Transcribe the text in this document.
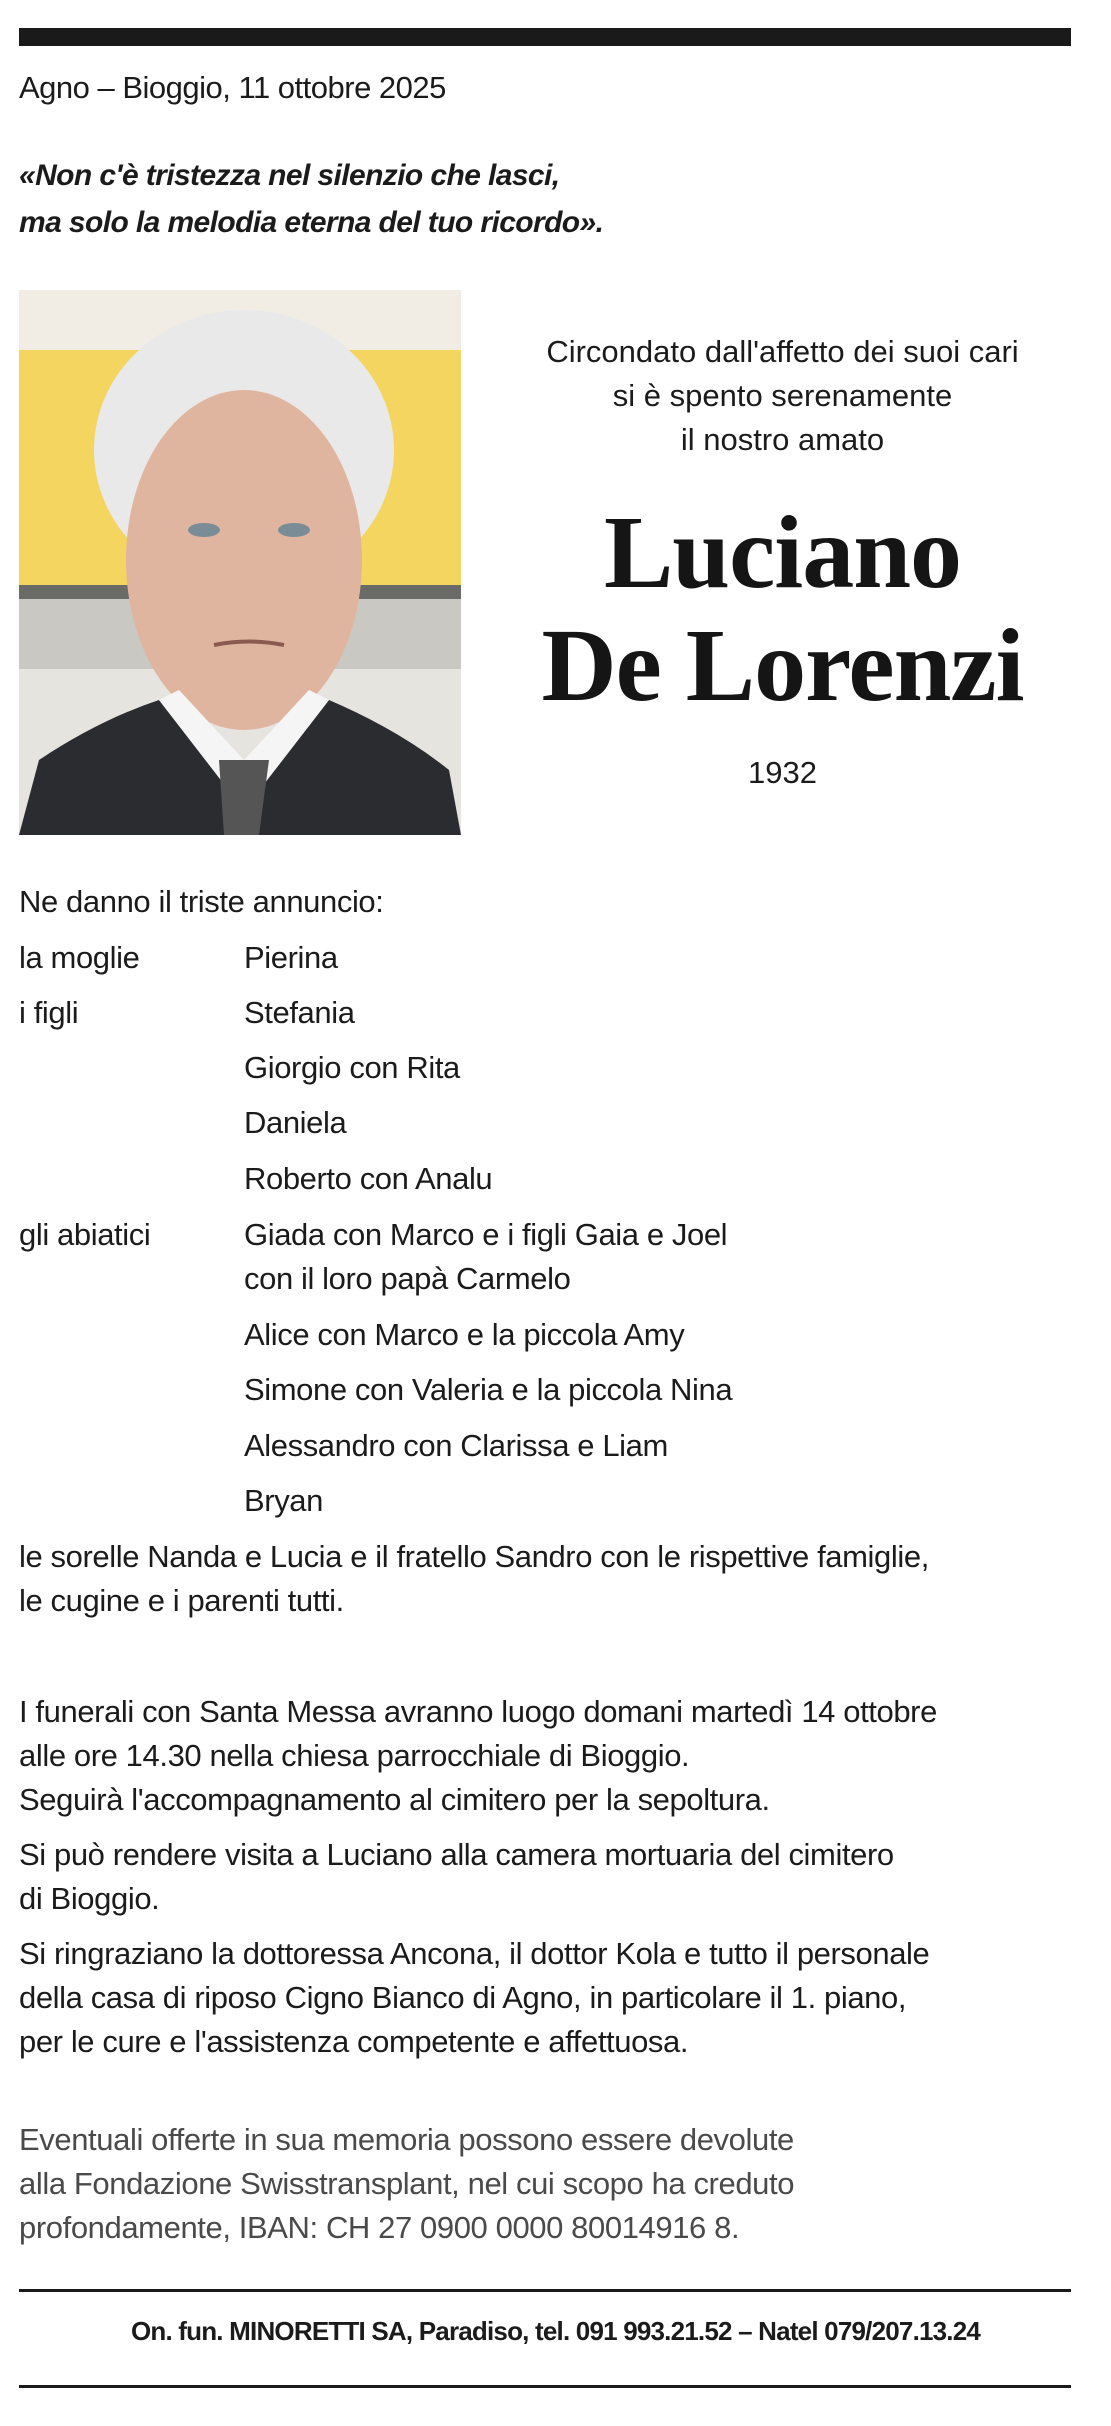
Agno – Bioggio, 11 ottobre 2025
«Non c'è tristezza nel silenzio che lasci,
ma solo la melodia eterna del tuo ricordo».
Circondato dall'affetto dei suoi cari
si è spento serenamente
il nostro amato
Luciano
De Lorenzi
1932
Ne danno il triste annuncio:
la moglie	Pierina
i figli	Stefania
Giorgio con Rita
Daniela
Roberto con Analu
gli abiatici	Giada con Marco e i figli Gaia e Joel
con il loro papà Carmelo
Alice con Marco e la piccola Amy
Simone con Valeria e la piccola Nina
Alessandro con Clarissa e Liam
Bryan
le sorelle Nanda e Lucia e il fratello Sandro con le rispettive famiglie,
le cugine e i parenti tutti.
I funerali con Santa Messa avranno luogo domani martedì 14 ottobre
alle ore 14.30 nella chiesa parrocchiale di Bioggio.
Seguirà l'accompagnamento al cimitero per la sepoltura.
Si può rendere visita a Luciano alla camera mortuaria del cimitero
di Bioggio.
Si ringraziano la dottoressa Ancona, il dottor Kola e tutto il personale
della casa di riposo Cigno Bianco di Agno, in particolare il 1. piano,
per le cure e l'assistenza competente e affettuosa.
Eventuali offerte in sua memoria possono essere devolute
alla Fondazione Swisstransplant, nel cui scopo ha creduto
profondamente, IBAN: CH 27 0900 0000 80014916 8.
On. fun. MINORETTI SA, Paradiso, tel. 091 993.21.52 – Natel 079/207.13.24
